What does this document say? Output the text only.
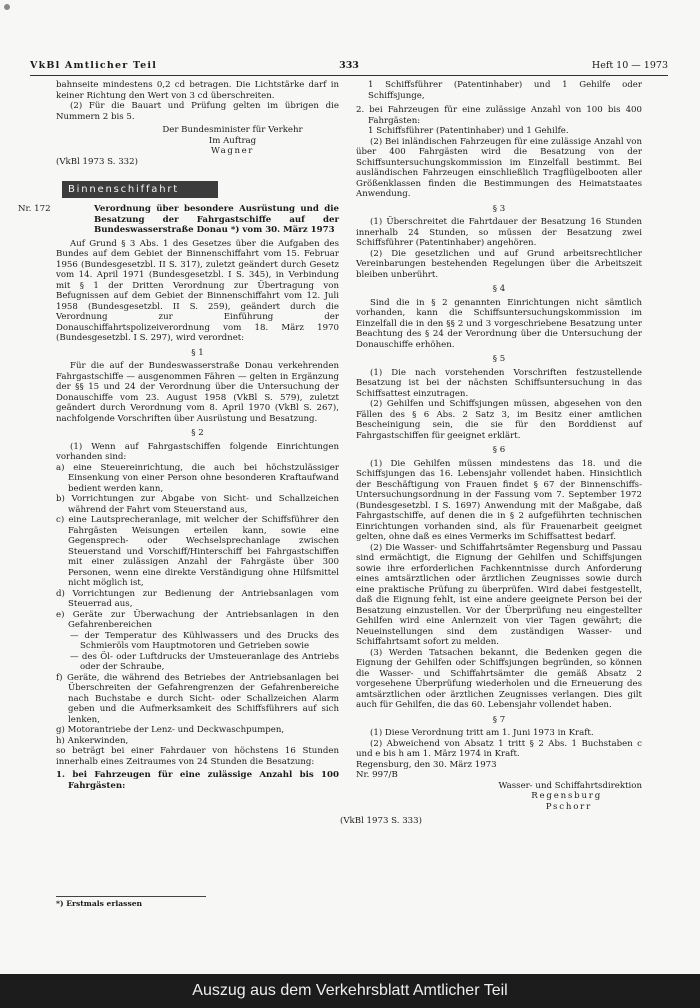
VkBl Amtlicher Teil	333	Heft 10 — 1973

bahnseite mindestens 0,2 cd betragen. Die Lichtstärke darf in keiner Richtung den Wert von 3 cd überschreiten.

(2) Für die Bauart und Prüfung gelten im übrigen die Nummern 2 bis 5.

Der Bundesminister für Verkehr

Im Auftrag

Wagner

(VkBl 1973 S. 332)

Binnenschiffahrt

Nr. 172	Verordnung über besondere Ausrüstung und die Besatzung der Fahrgastschiffe auf der Bundeswasserstraße Donau *) vom 30. März 1973

Auf Grund § 3 Abs. 1 des Gesetzes über die Aufgaben des Bundes auf dem Gebiet der Binnenschiffahrt vom 15. Februar 1956 (Bundesgesetzbl. II S. 317), zuletzt geändert durch Gesetz vom 14. April 1971 (Bundesgesetzbl. I S. 345), in Verbindung mit § 1 der Dritten Verordnung zur Übertragung von Befugnissen auf dem Gebiet der Binnenschiffahrt vom 12. Juli 1958 (Bundesgesetzbl. II S. 259), geändert durch die Verordnung zur Einführung der Donauschiffahrtspolizeiverordnung vom 18. März 1970 (Bundesgesetzbl. I S. 297), wird verordnet:

§ 1

Für die auf der Bundeswasserstraße Donau verkehrenden Fahrgastschiffe — ausgenommen Fähren — gelten in Ergänzung der §§ 15 und 24 der Verordnung über die Untersuchung der Donauschiffe vom 23. August 1958 (VkBl S. 579), zuletzt geändert durch Verordnung vom 8. April 1970 (VkBl S. 267), nachfolgende Vorschriften über Ausrüstung und Besatzung.

§ 2

(1) Wenn auf Fahrgastschiffen folgende Einrichtungen vorhanden sind:

a) eine Steuereinrichtung, die auch bei höchstzulässiger Einsenkung von einer Person ohne besonderen Kraftaufwand bedient werden kann,
b) Vorrichtungen zur Abgabe von Sicht- und Schallzeichen während der Fahrt vom Steuerstand aus,
c) eine Lautsprecheranlage, mit welcher der Schiffsführer den Fahrgästen Weisungen erteilen kann, sowie eine Gegensprech- oder Wechselsprechanlage zwischen Steuerstand und Vorschiff/Hinterschiff bei Fahrgastschiffen mit einer zulässigen Anzahl der Fahrgäste über 300 Personen, wenn eine direkte Verständigung ohne Hilfsmittel nicht möglich ist,
d) Vorrichtungen zur Bedienung der Antriebsanlagen vom Steuerrad aus,
e) Geräte zur Überwachung der Antriebsanlagen in den Gefahrenbereichen
— der Temperatur des Kühlwassers und des Drucks des Schmieröls vom Hauptmotoren und Getrieben sowie
— des Öl- oder Luftdrucks der Umsteueranlage des Antriebs oder der Schraube,
f) Geräte, die während des Betriebes der Antriebsanlagen bei Überschreiten der Gefahrengrenzen der Gefahrenbereiche nach Buchstabe e durch Sicht- oder Schallzeichen Alarm geben und die Aufmerksamkeit des Schiffsführers auf sich lenken,
g) Motorantriebe der Lenz- und Deckwaschpumpen,
h) Ankerwinden,

so beträgt bei einer Fahrdauer von höchstens 16 Stunden innerhalb eines Zeitraumes von 24 Stunden die Besatzung:

1. bei Fahrzeugen für eine zulässige Anzahl bis 100 Fahrgästen:
*) Erstmals erlassen

1 Schiffsführer (Patentinhaber) und 1 Gehilfe oder Schiffsjunge,

2. bei Fahrzeugen für eine zulässige Anzahl von 100 bis 400 Fahrgästen:

1 Schiffsführer (Patentinhaber) und 1 Gehilfe.

(2) Bei inländischen Fahrzeugen für eine zulässige Anzahl von über 400 Fahrgästen wird die Besatzung von der Schiffsuntersuchungskommission im Einzelfall bestimmt. Bei ausländischen Fahrzeugen einschließlich Tragflügelbooten aller Größenklassen finden die Bestimmungen des Heimatstaates Anwendung.

§ 3

(1) Überschreitet die Fahrtdauer der Besatzung 16 Stunden innerhalb 24 Stunden, so müssen der Besatzung zwei Schiffsführer (Patentinhaber) angehören.

(2) Die gesetzlichen und auf Grund arbeitsrechtlicher Vereinbarungen bestehenden Regelungen über die Arbeitszeit bleiben unberührt.

§ 4

Sind die in § 2 genannten Einrichtungen nicht sämtlich vorhanden, kann die Schiffsuntersuchungskommission im Einzelfall die in den §§ 2 und 3 vorgeschriebene Besatzung unter Beachtung des § 24 der Verordnung über die Untersuchung der Donauschiffe erhöhen.

§ 5

(1) Die nach vorstehenden Vorschriften festzustellende Besatzung ist bei der nächsten Schiffsuntersuchung in das Schiffsattest einzutragen.

(2) Gehilfen und Schiffsjungen müssen, abgesehen von den Fällen des § 6 Abs. 2 Satz 3, im Besitz einer amtlichen Bescheinigung sein, die sie für den Borddienst auf Fahrgastschiffen für geeignet erklärt.

§ 6

(1) Die Gehilfen müssen mindestens das 18. und die Schiffsjungen das 16. Lebensjahr vollendet haben. Hinsichtlich der Beschäftigung von Frauen findet § 67 der Binnenschiffs-Untersuchungsordnung in der Fassung vom 7. September 1972 (Bundesgesetzbl. I S. 1697) Anwendung mit der Maßgabe, daß Fahrgastschiffe, auf denen die in § 2 aufgeführten technischen Einrichtungen vorhanden sind, als für Frauenarbeit geeignet gelten, ohne daß es eines Vermerks im Schiffsattest bedarf.

(2) Die Wasser- und Schiffahrtsämter Regensburg und Passau sind ermächtigt, die Eignung der Gehilfen und Schiffsjungen sowie ihre erforderlichen Fachkenntnisse durch Anforderung eines amtsärztlichen oder ärztlichen Zeugnisses sowie durch eine praktische Prüfung zu überprüfen. Wird dabei festgestellt, daß die Eignung fehlt, ist eine andere geeignete Person bei der Besatzung einzustellen. Vor der Überprüfung neu eingestellter Gehilfen wird eine Anlernzeit von vier Tagen gewährt; die Neueinstellungen sind dem zuständigen Wasser- und Schiffahrtsamt sofort zu melden.

(3) Werden Tatsachen bekannt, die Bedenken gegen die Eignung der Gehilfen oder Schiffsjungen begründen, so können die Wasser- und Schiffahrtsämter die gemäß Absatz 2 vorgesehene Überprüfung wiederholen und die Erneuerung des amtsärztlichen oder ärztlichen Zeugnisses verlangen. Dies gilt auch für Gehilfen, die das 60. Lebensjahr vollendet haben.

§ 7

(1) Diese Verordnung tritt am 1. Juni 1973 in Kraft.

(2) Abweichend von Absatz 1 tritt § 2 Abs. 1 Buchstaben c und e bis h am 1. März 1974 in Kraft.

Regensburg, den 30. März 1973

Nr. 997/B

Wasser- und Schiffahrtsdirektion

Regensburg

Pschorr

(VkBl 1973 S. 333)

Auszug aus dem Verkehrsblatt Amtlicher Teil
